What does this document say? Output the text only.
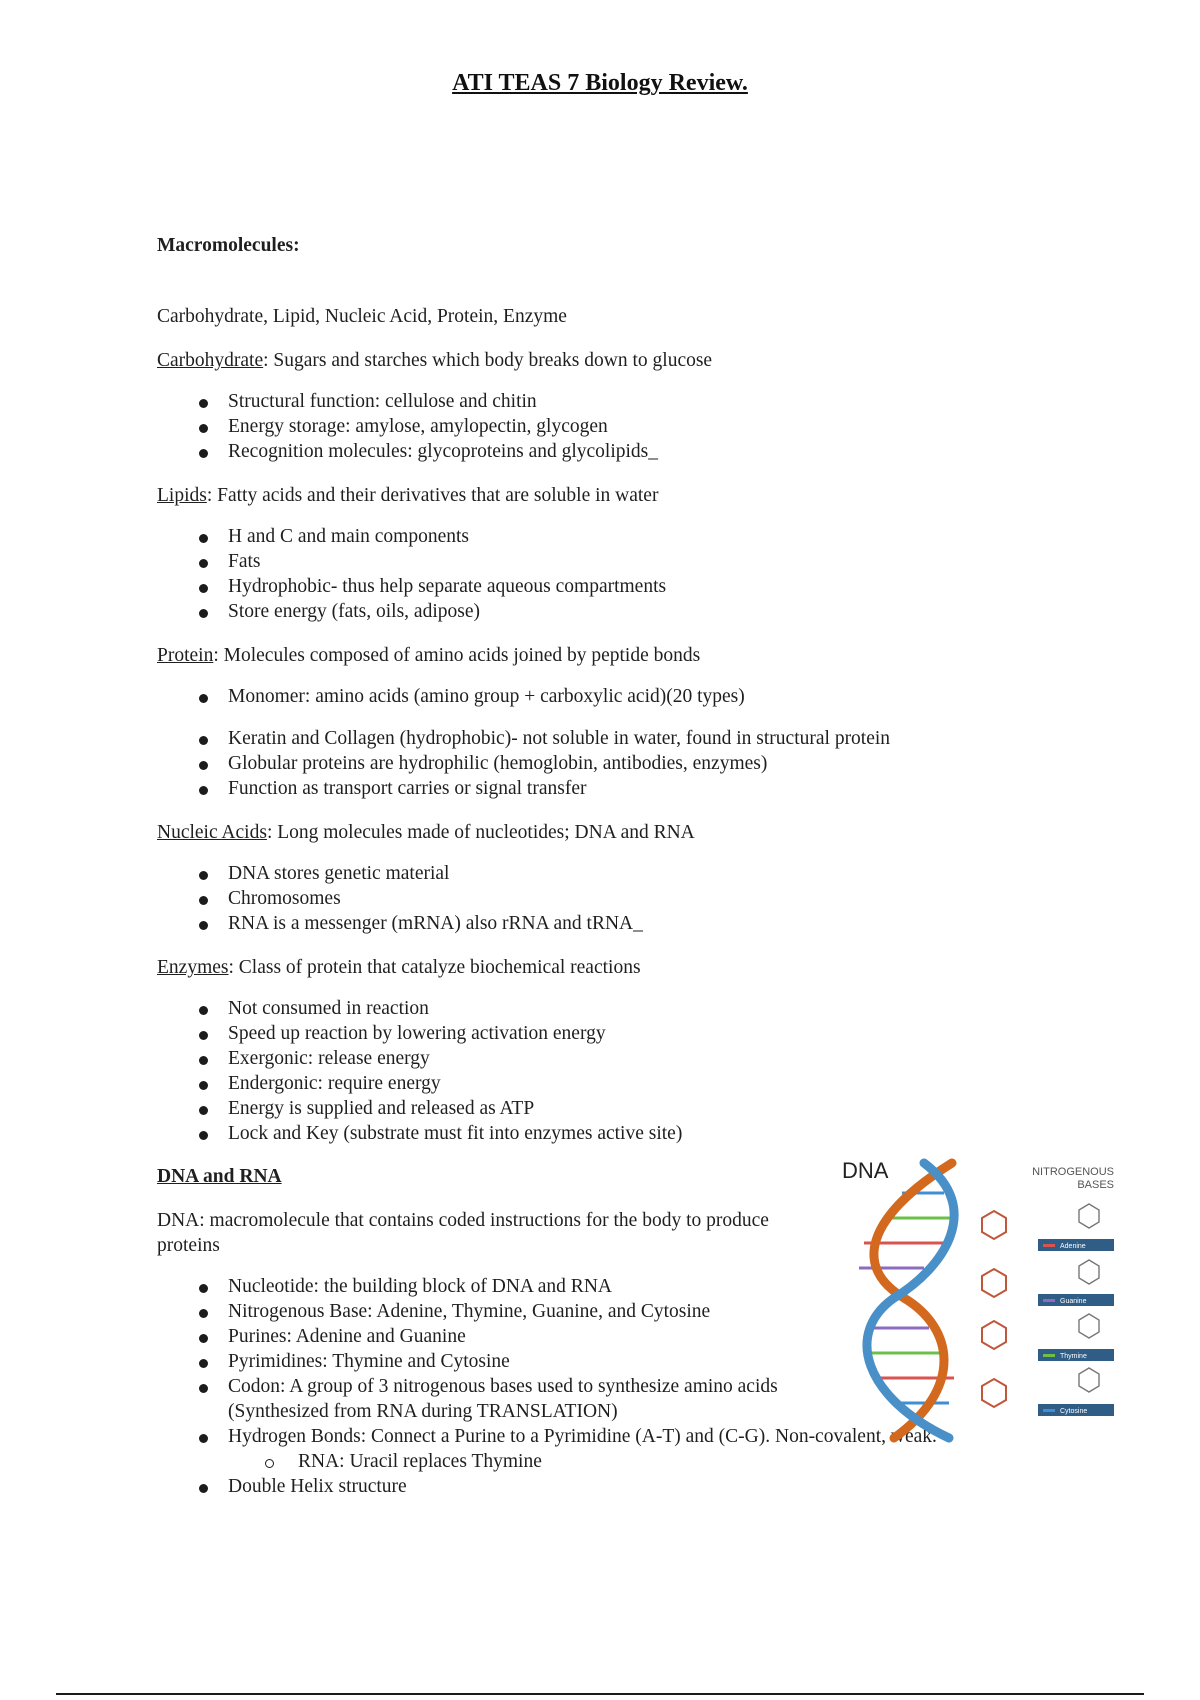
ATI TEAS 7 Biology Review.

Macromolecules:

Carbohydrate, Lipid, Nucleic Acid, Protein, Enzyme

Carbohydrate: Sugars and starches which body breaks down to glucose

Structural function: cellulose and chitin
Energy storage: amylose, amylopectin, glycogen
Recognition molecules: glycoproteins and glycolipids_

Lipids: Fatty acids and their derivatives that are soluble in water

H and C and main components
Fats
Hydrophobic- thus help separate aqueous compartments
Store energy (fats, oils, adipose)

Protein: Molecules composed of amino acids joined by peptide bonds

Monomer: amino acids (amino group + carboxylic acid)(20 types)
Keratin and Collagen (hydrophobic)- not soluble in water, found in structural protein
Globular proteins are hydrophilic (hemoglobin, antibodies, enzymes)
Function as transport carries or signal transfer

Nucleic Acids: Long molecules made of nucleotides; DNA and RNA

DNA stores genetic material
Chromosomes
RNA is a messenger (mRNA) also rRNA and tRNA_

Enzymes: Class of protein that catalyze biochemical reactions

Not consumed in reaction
Speed up reaction by lowering activation energy
Exergonic: release energy
Endergonic: require energy
Energy is supplied and released as ATP
Lock and Key (substrate must fit into enzymes active site)

DNA and RNA

DNA: macromolecule that contains coded instructions for the body to produce proteins

Nucleotide: the building block of DNA and RNA
Nitrogenous Base: Adenine, Thymine, Guanine, and Cytosine
Purines: Adenine and Guanine
Pyrimidines: Thymine and Cytosine
Codon: A group of 3 nitrogenous bases used to synthesize amino acids (Synthesized from RNA during TRANSLATION)
Hydrogen Bonds: Connect a Purine to a Pyrimidine (A-T) and (C-G). Non-covalent, weak.
RNA: Uracil replaces Thymine
Double Helix structure
DNA	NITROGENOUS
BASES
Adenine
Guanine
Thymine
Cytosine
